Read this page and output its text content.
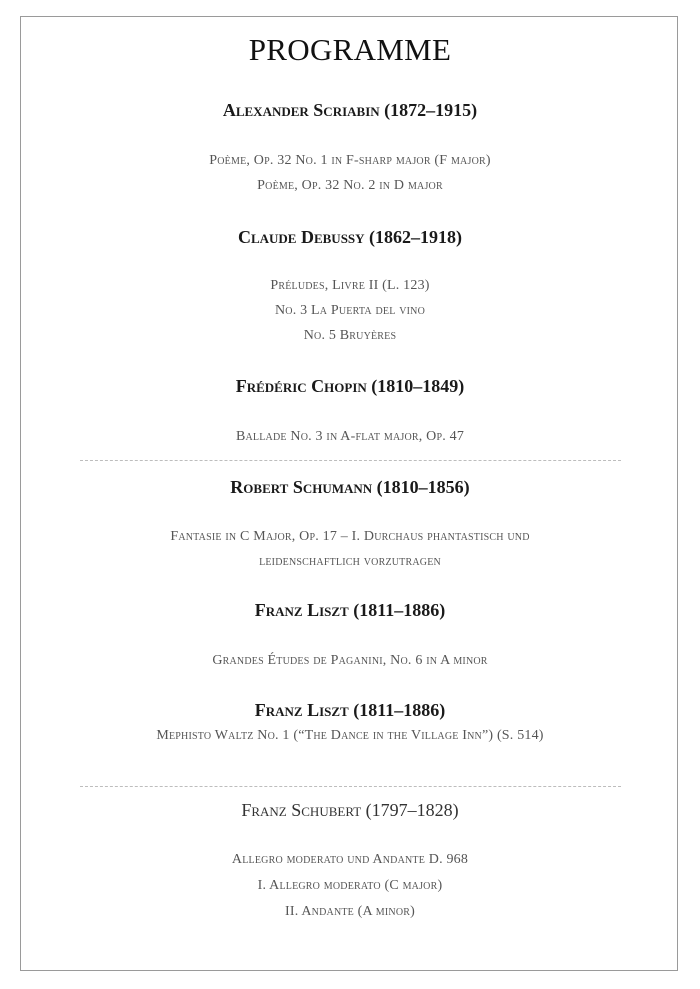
PROGRAMME
Alexander Scriabin (1872–1915)
Poème, Op. 32 No. 1 in F-sharp major (F major)
Poème, Op. 32 No. 2 in D major
Claude Debussy (1862–1918)
Préludes, Livre II (L. 123)
No. 3 La Puerta del vino
No. 5 Bruyères
Frédéric Chopin (1810–1849)
Ballade No. 3 in A-flat major, Op. 47
Robert Schumann (1810–1856)
Fantasie in C Major, Op. 17 – I. Durchaus phantastisch und
leidenschaftlich vorzutragen
Franz Liszt (1811–1886)
Grandes Études de Paganini, No. 6 in A minor
Franz Liszt (1811–1886)
Mephisto Waltz No. 1 (“The Dance in the Village Inn”) (S. 514)
Franz Schubert (1797–1828)
Allegro moderato und Andante D. 968
I. Allegro moderato (C major)
II. Andante (A minor)
